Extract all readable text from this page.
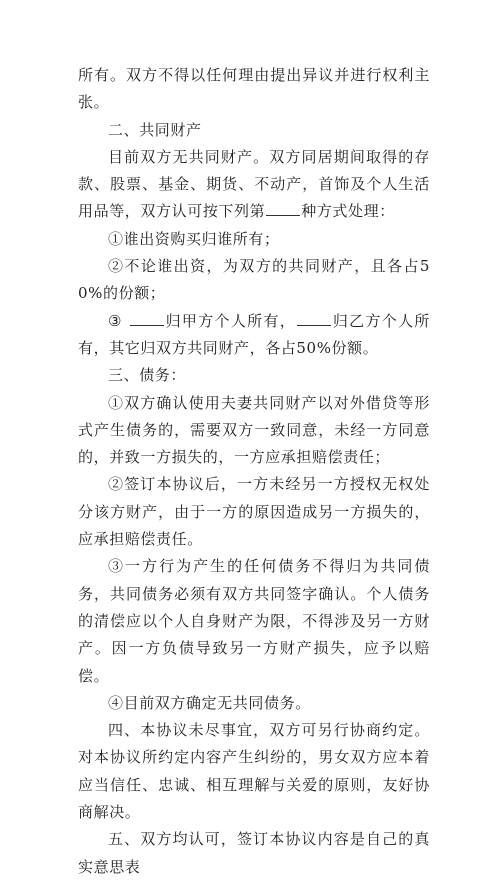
所有。双方不得以任何理由提出异议并进行权利主张。

二、共同财产

目前双方无共同财产。双方同居期间取得的存款、股票、基金、期货、不动产，首饰及个人生活用品等，双方认可按下列第 种方式处理：

①谁出资购买归谁所有；

②不论谁出资，为双方的共同财产，且各占50%的份额；

③ 归甲方个人所有， 归乙方个人所有，其它归双方共同财产，各占50%份额。

三、债务：

①双方确认使用夫妻共同财产以对外借贷等形式产生债务的，需要双方一致同意，未经一方同意的，并致一方损失的，一方应承担赔偿责任；

②签订本协议后，一方未经另一方授权无权处分该方财产，由于一方的原因造成另一方损失的，应承担赔偿责任。

③一方行为产生的任何债务不得归为共同债务，共同债务必须有双方共同签字确认。个人债务的清偿应以个人自身财产为限，不得涉及另一方财产。因一方负债导致另一方财产损失，应予以赔偿。

④目前双方确定无共同债务。

四、本协议未尽事宜，双方可另行协商约定。对本协议所约定内容产生纠纷的，男女双方应本着应当信任、忠诚、相互理解与关爱的原则，友好协商解决。

五、双方均认可，签订本协议内容是自己的真实意思表
